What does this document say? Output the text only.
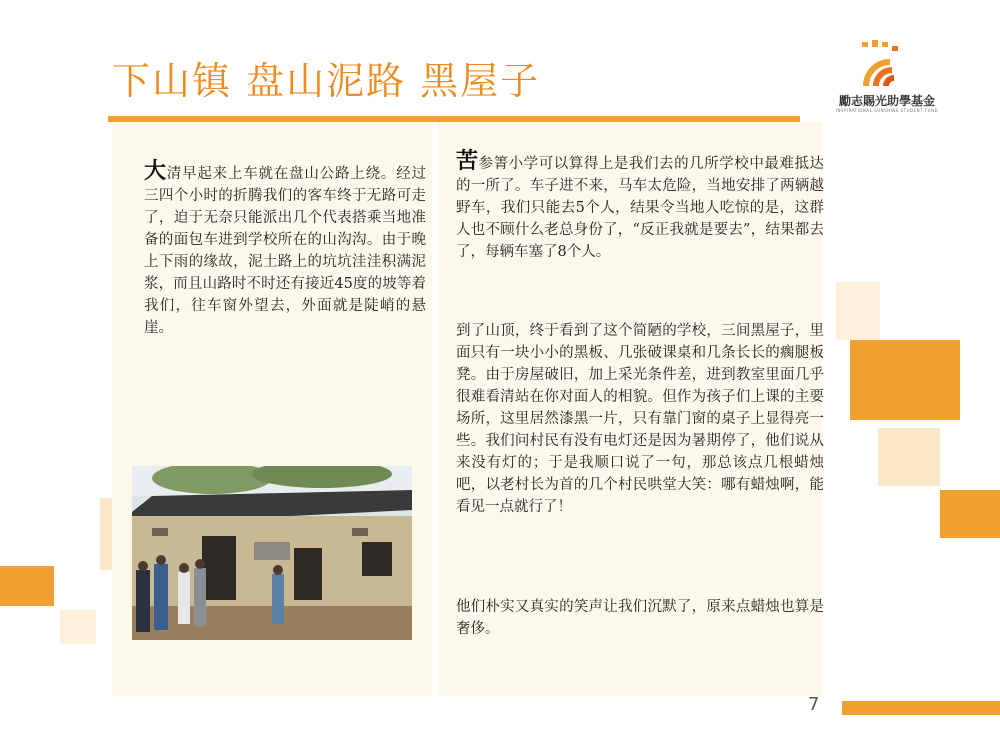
下山镇 盘山泥路 黑屋子	勵志賜光助學基金
INSPIRATIONAL SUNSHINE STUDENT FUND

大清早起来上车就在盘山公路上绕。经过三四个小时的折腾我们的客车终于无路可走了，迫于无奈只能派出几个代表搭乘当地准备的面包车进到学校所在的山沟沟。由于晚上下雨的缘故，泥土路上的坑坑洼洼积满泥浆，而且山路时不时还有接近45度的坡等着我们，往车窗外望去，外面就是陡峭的悬崖。

苦参箐小学可以算得上是我们去的几所学校中最难抵达的一所了。车子进不来，马车太危险，当地安排了两辆越野车，我们只能去5个人，结果令当地人吃惊的是，这群人也不顾什么老总身份了，“反正我就是要去”，结果都去了，每辆车塞了8个人。

到了山顶，终于看到了这个简陋的学校，三间黑屋子，里面只有一块小小的黑板、几张破课桌和几条长长的瘸腿板凳。由于房屋破旧，加上采光条件差，进到教室里面几乎很难看清站在你对面人的相貌。但作为孩子们上课的主要场所，这里居然漆黑一片，只有靠门窗的桌子上显得亮一些。我们问村民有没有电灯还是因为暑期停了，他们说从来没有灯的；于是我顺口说了一句，那总该点几根蜡烛吧，以老村长为首的几个村民哄堂大笑：哪有蜡烛啊，能看见一点就行了！

他们朴实又真实的笑声让我们沉默了，原来点蜡烛也算是奢侈。

7
